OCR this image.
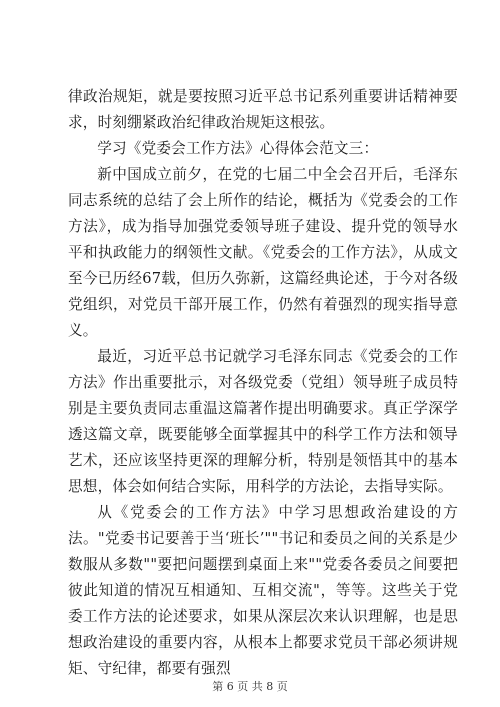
律政治规矩，就是要按照习近平总书记系列重要讲话精神要求，时刻绷紧政治纪律政治规矩这根弦。

学习《党委会工作方法》心得体会范文三：

新中国成立前夕，在党的七届二中全会召开后，毛泽东同志系统的总结了会上所作的结论，概括为《党委会的工作方法》，成为指导加强党委领导班子建设、提升党的领导水平和执政能力的纲领性文献。《党委会的工作方法》，从成文至今已历经67载，但历久弥新，这篇经典论述，于今对各级党组织，对党员干部开展工作，仍然有着强烈的现实指导意义。

最近，习近平总书记就学习毛泽东同志《党委会的工作方法》作出重要批示，对各级党委（党组）领导班子成员特别是主要负责同志重温这篇著作提出明确要求。真正学深学透这篇文章，既要能够全面掌握其中的科学工作方法和领导艺术，还应该坚持更深的理解分析，特别是领悟其中的基本思想，体会如何结合实际，用科学的方法论，去指导实际。

从《党委会的工作方法》中学习思想政治建设的方法。"党委书记要善于当‘班长’""书记和委员之间的关系是少数服从多数""要把问题摆到桌面上来""党委各委员之间要把彼此知道的情况互相通知、互相交流"，等等。这些关于党委工作方法的论述要求，如果从深层次来认识理解，也是思想政治建设的重要内容，从根本上都要求党员干部必须讲规矩、守纪律，都要有强烈

第 6 页 共 8 页
